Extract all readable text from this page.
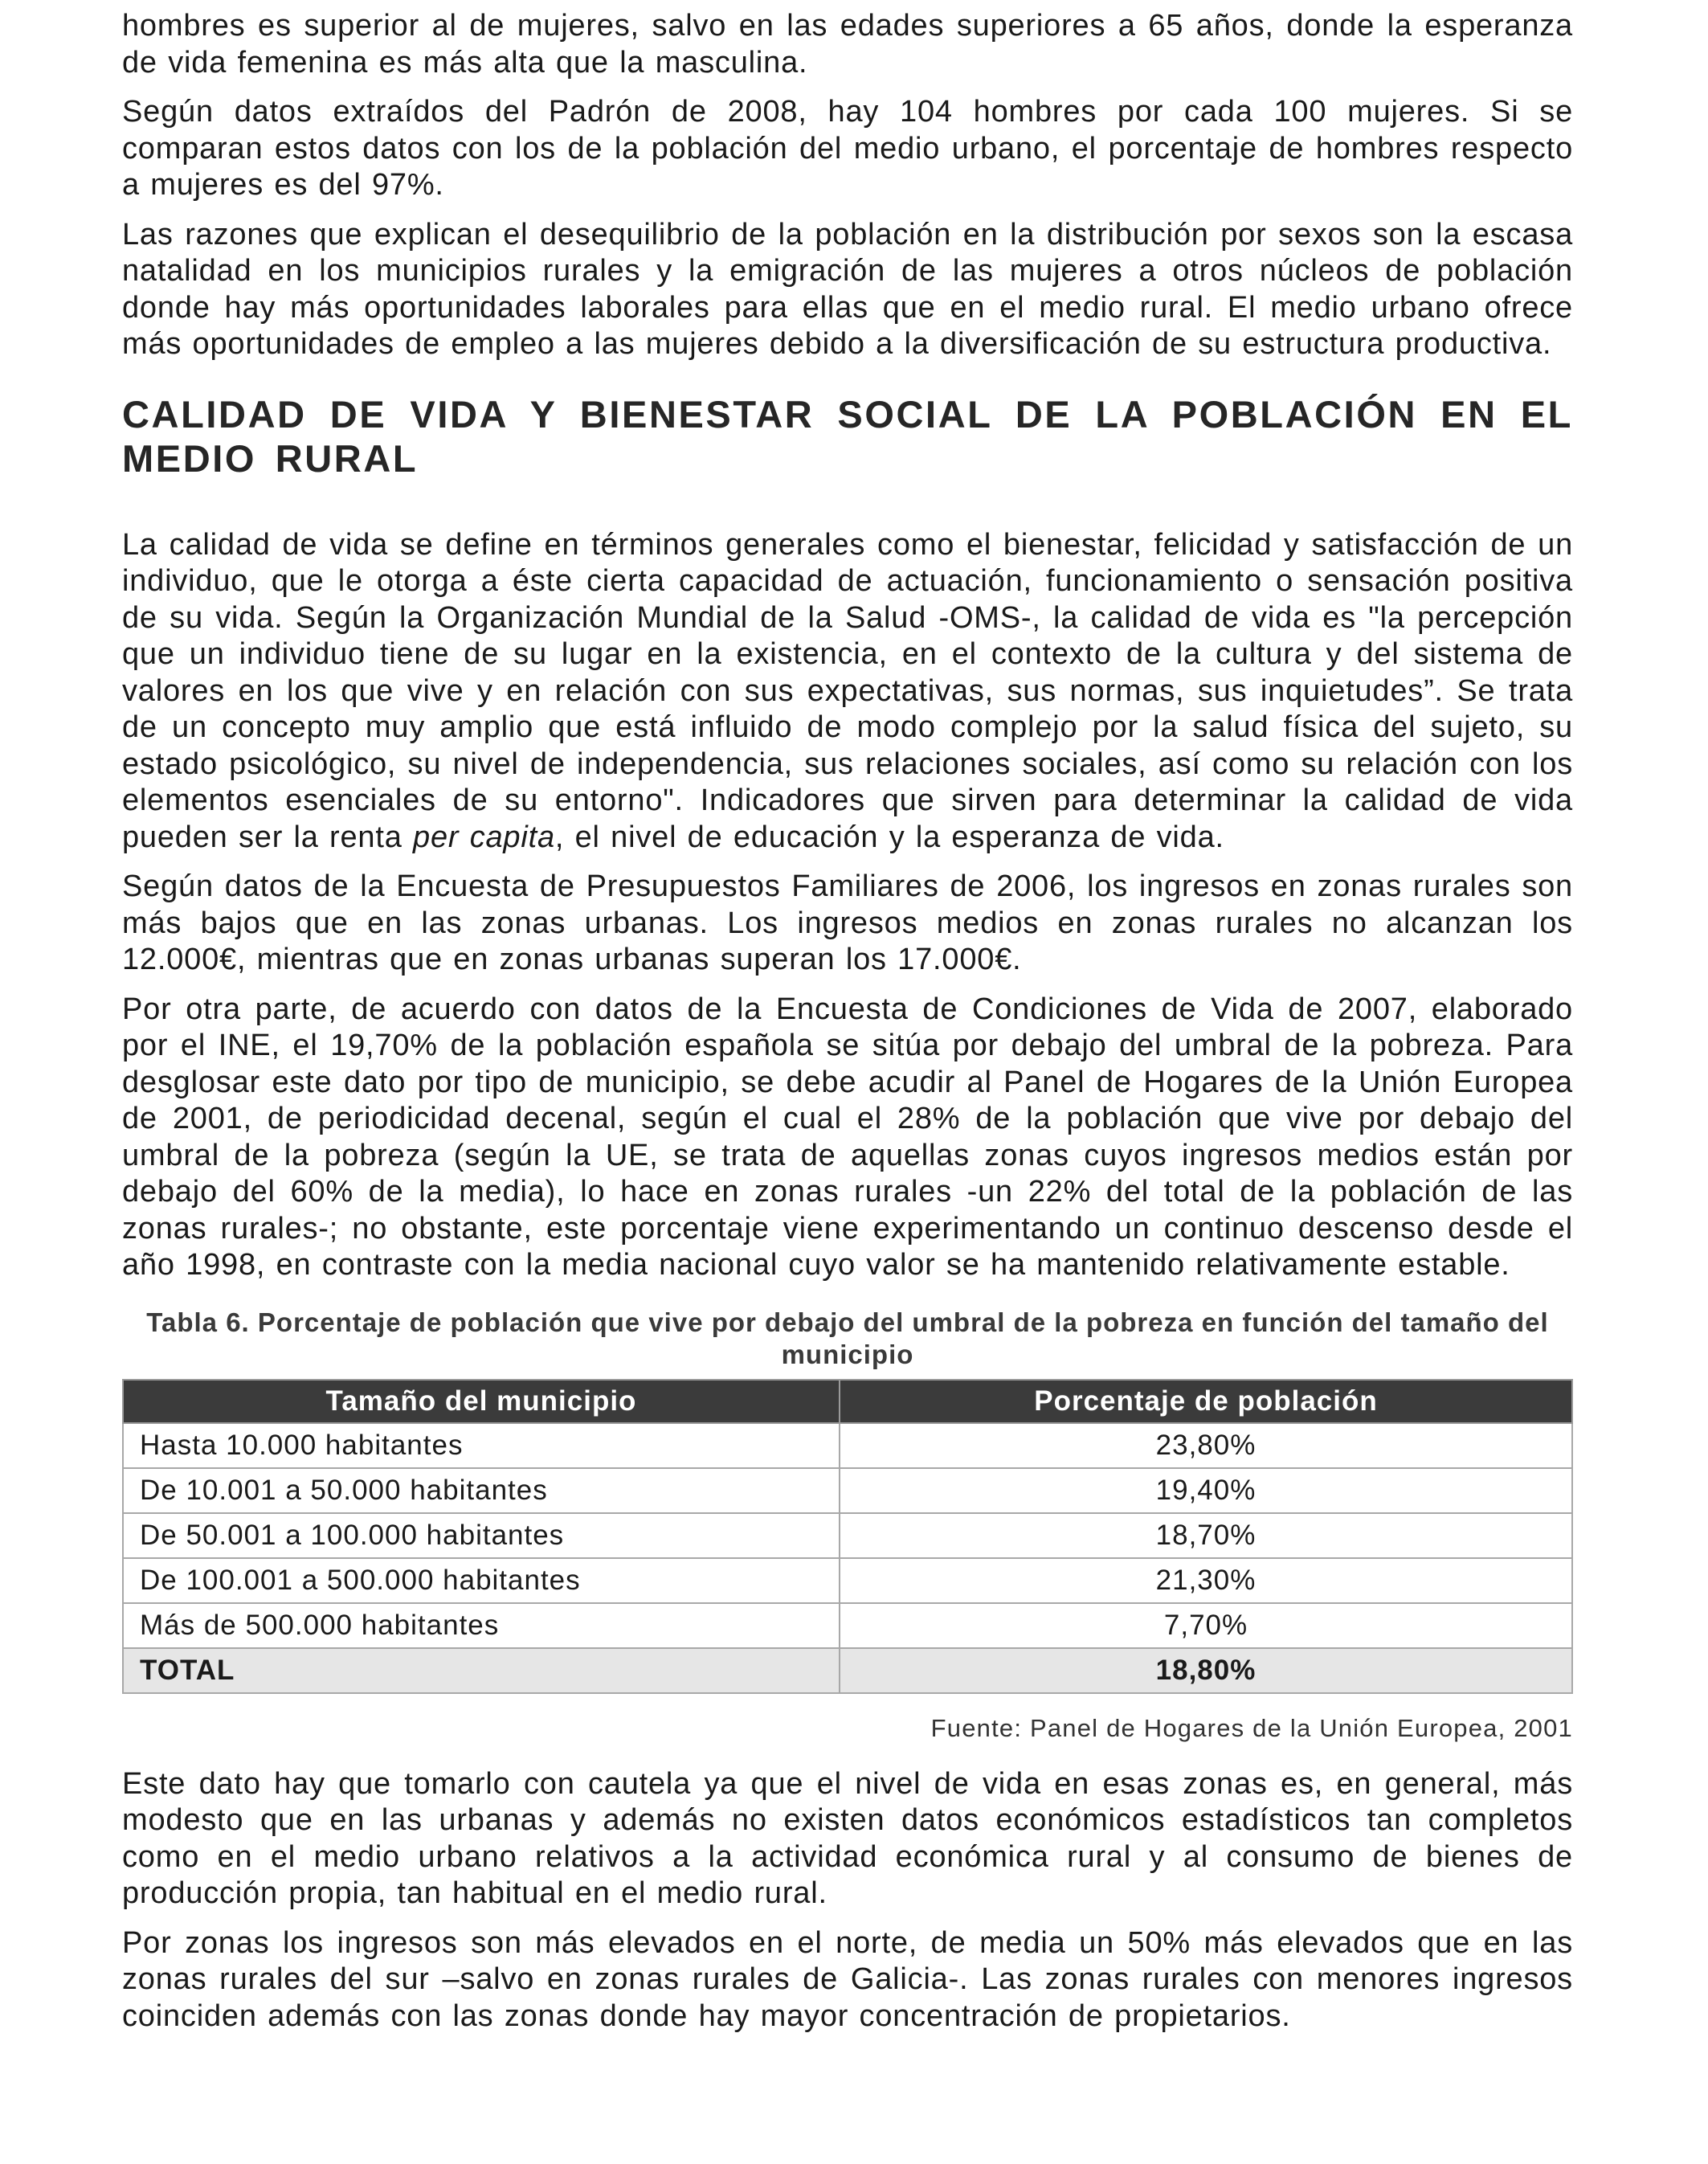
hombres es superior al de mujeres, salvo en las edades superiores a 65 años, donde la esperanza de vida femenina es más alta que la masculina.

Según datos extraídos del Padrón de 2008, hay 104 hombres por cada 100 mujeres. Si se comparan estos datos con los de la población del medio urbano, el porcentaje de hombres respecto a mujeres es del 97%.

Las razones que explican el desequilibrio de la población en la distribución por sexos son la escasa natalidad en los municipios rurales y la emigración de las mujeres a otros núcleos de población donde hay más oportunidades laborales para ellas que en el medio rural. El medio urbano ofrece más oportunidades de empleo a las mujeres debido a la diversificación de su estructura productiva.

CALIDAD DE VIDA Y BIENESTAR SOCIAL DE LA POBLACIÓN EN EL MEDIO RURAL

La calidad de vida se define en términos generales como el bienestar, felicidad y satisfacción de un individuo, que le otorga a éste cierta capacidad de actuación, funcionamiento o sensación positiva de su vida. Según la Organización Mundial de la Salud -OMS-, la calidad de vida es "la percepción que un individuo tiene de su lugar en la existencia, en el contexto de la cultura y del sistema de valores en los que vive y en relación con sus expectativas, sus normas, sus inquietudes”. Se trata de un concepto muy amplio que está influido de modo complejo por la salud física del sujeto, su estado psicológico, su nivel de independencia, sus relaciones sociales, así como su relación con los elementos esenciales de su entorno". Indicadores que sirven para determinar la calidad de vida pueden ser la renta per capita, el nivel de educación y la esperanza de vida.

Según datos de la Encuesta de Presupuestos Familiares de 2006, los ingresos en zonas rurales son más bajos que en las zonas urbanas. Los ingresos medios en zonas rurales no alcanzan los 12.000€, mientras que en zonas urbanas superan los 17.000€.

Por otra parte, de acuerdo con datos de la Encuesta de Condiciones de Vida de 2007, elaborado por el INE, el 19,70% de la población española se sitúa por debajo del umbral de la pobreza. Para desglosar este dato por tipo de municipio, se debe acudir al Panel de Hogares de la Unión Europea de 2001, de periodicidad decenal, según el cual el 28% de la población que vive por debajo del umbral de la pobreza (según la UE, se trata de aquellas zonas cuyos ingresos medios están por debajo del 60% de la media), lo hace en zonas rurales -un 22% del total de la población de las zonas rurales-; no obstante, este porcentaje viene experimentando un continuo descenso desde el año 1998, en contraste con la media nacional cuyo valor se ha mantenido relativamente estable.

Tabla 6. Porcentaje de población que vive por debajo del umbral de la pobreza en función del tamaño del municipio
Tamaño del municipio	Porcentaje de población
Hasta 10.000 habitantes	23,80%
De 10.001 a 50.000 habitantes	19,40%
De 50.001 a 100.000 habitantes	18,70%
De 100.001 a 500.000 habitantes	21,30%
Más de 500.000 habitantes	7,70%
TOTAL	18,80%
Fuente: Panel de Hogares de la Unión Europea, 2001

Este dato hay que tomarlo con cautela ya que el nivel de vida en esas zonas es, en general, más modesto que en las urbanas y además no existen datos económicos estadísticos tan completos como en el medio urbano relativos a la actividad económica rural y al consumo de bienes de producción propia, tan habitual en el medio rural.

Por zonas los ingresos son más elevados en el norte, de media un 50% más elevados que en las zonas rurales del sur –salvo en zonas rurales de Galicia-. Las zonas rurales con menores ingresos coinciden además con las zonas donde hay mayor concentración de propietarios.
